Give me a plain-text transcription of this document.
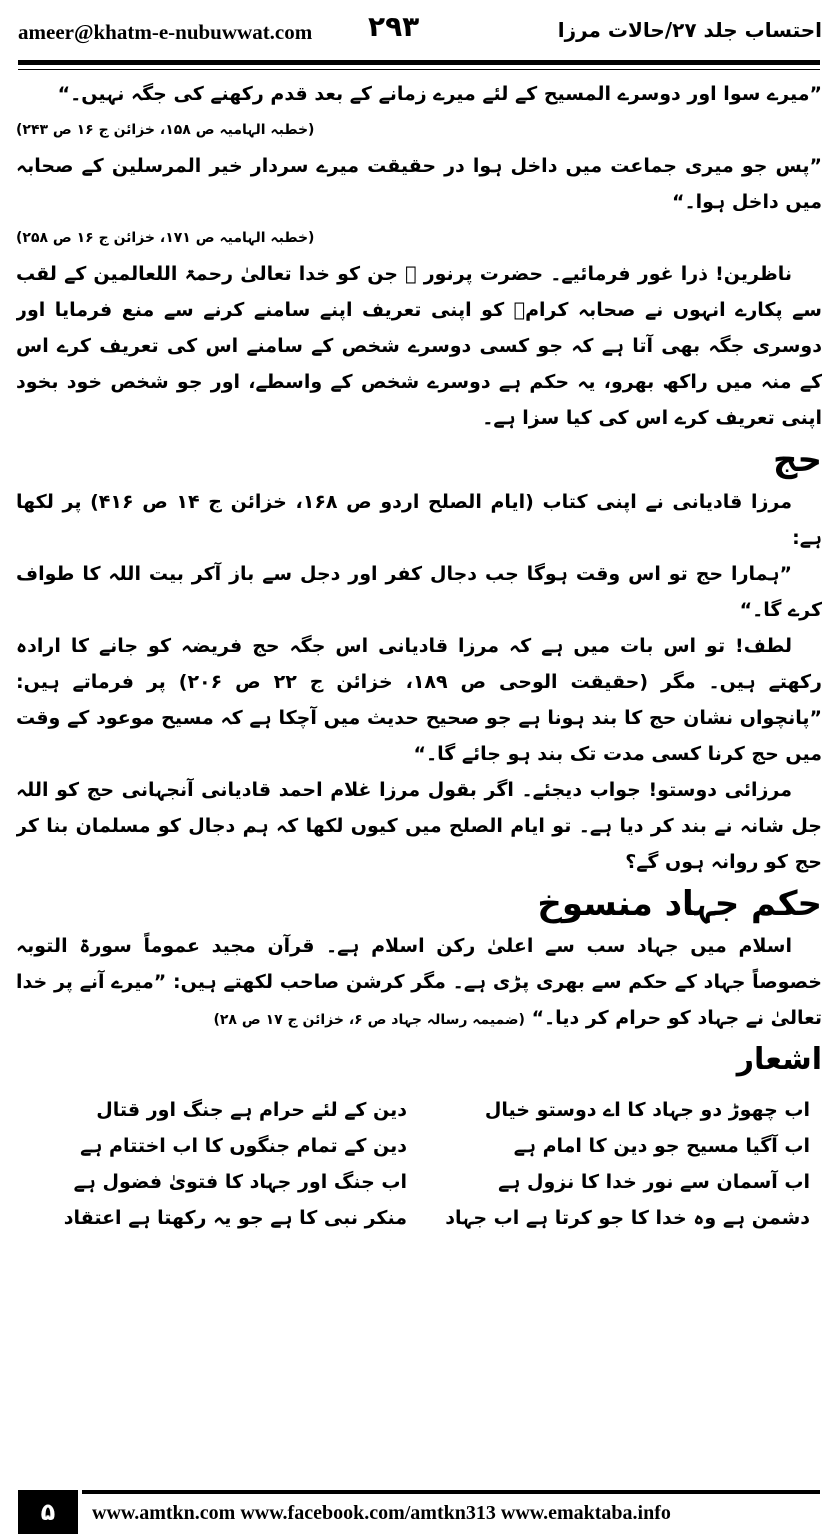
ameer@khatm-e-nubuwwat.com ۲۹۳	احتساب جلد ۲۷/حالات مرزا

”میرے سوا اور دوسرے المسیح کے لئے میرے زمانے کے بعد قدم رکھنے کی جگہ نہیں۔“

(خطبہ الہامیہ ص ۱۵۸، خزائن ج ۱۶ ص ۲۴۳)

”پس جو میری جماعت میں داخل ہوا در حقیقت میرے سردار خیر المرسلین کے صحابہ میں داخل ہوا۔“

(خطبہ الہامیہ ص ۱۷۱، خزائن ج ۱۶ ص ۲۵۸)

ناظرین! ذرا غور فرمائیے۔ حضرت پرنور ﷺ جن کو خدا تعالیٰ رحمۃ اللعالمین کے لقب سے پکارے انہوں نے صحابہ کرامؓ کو اپنی تعریف اپنے سامنے کرنے سے منع فرمایا اور دوسری جگہ بھی آتا ہے کہ جو کسی دوسرے شخص کے سامنے اس کی تعریف کرے اس کے منہ میں راکھ بھرو، یہ حکم ہے دوسرے شخص کے واسطے، اور جو شخص خود بخود اپنی تعریف کرے اس کی کیا سزا ہے۔

حج

مرزا قادیانی نے اپنی کتاب (ایام الصلح اردو ص ۱۶۸، خزائن ج ۱۴ ص ۴۱۶) پر لکھا ہے:

”ہمارا حج تو اس وقت ہوگا جب دجال کفر اور دجل سے باز آکر بیت اللہ کا طواف کرے گا۔“

لطف! تو اس بات میں ہے کہ مرزا قادیانی اس جگہ حج فریضہ کو جانے کا ارادہ رکھتے ہیں۔ مگر (حقیقت الوحی ص ۱۸۹، خزائن ج ۲۲ ص ۲۰۶) پر فرماتے ہیں: ”پانچواں نشان حج کا بند ہونا ہے جو صحیح حدیث میں آچکا ہے کہ مسیح موعود کے وقت میں حج کرنا کسی مدت تک بند ہو جائے گا۔“

مرزائی دوستو! جواب دیجئے۔ اگر بقول مرزا غلام احمد قادیانی آنجہانی حج کو اللہ جل شانہ نے بند کر دیا ہے۔ تو ایام الصلح میں کیوں لکھا کہ ہم دجال کو مسلمان بنا کر حج کو روانہ ہوں گے؟

حکم جہاد منسوخ

اسلام میں جہاد سب سے اعلیٰ رکن اسلام ہے۔ قرآن مجید عموماً سورۃ التوبہ خصوصاً جہاد کے حکم سے بھری پڑی ہے۔ مگر کرشن صاحب لکھتے ہیں: ”میرے آنے پر خدا تعالیٰ نے جہاد کو حرام کر دیا۔“ (ضمیمہ رسالہ جہاد ص ۶، خزائن ج ۱۷ ص ۲۸)

اشعار
اب چھوڑ دو جہاد کا اے دوستو خیال
اب آگیا مسیح جو دین کا امام ہے
اب آسمان سے نور خدا کا نزول ہے
دشمن ہے وہ خدا کا جو کرتا ہے اب جہاد
دین کے لئے حرام ہے جنگ اور قتال
دین کے تمام جنگوں کا اب اختتام ہے
اب جنگ اور جہاد کا فتویٰ فضول ہے
منکر نبی کا ہے جو یہ رکھتا ہے اعتقاد
۵	www.amtkn.com www.facebook.com/amtkn313 www.emaktaba.info
